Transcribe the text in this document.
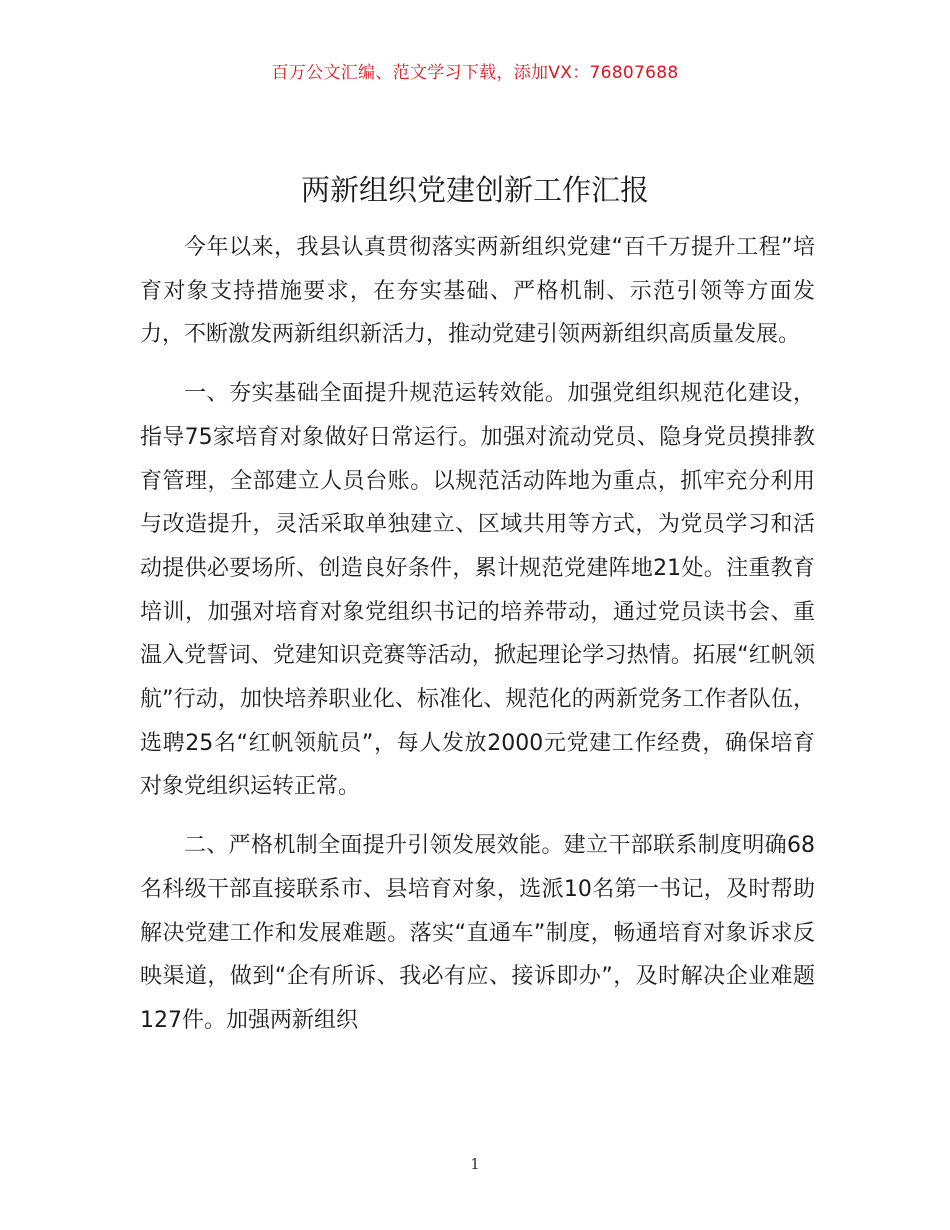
百万公文汇编、范文学习下载，添加VX：76807688
两新组织党建创新工作汇报

今年以来，我县认真贯彻落实两新组织党建“百千万提升工程”培育对象支持措施要求，在夯实基础、严格机制、示范引领等方面发力，不断激发两新组织新活力，推动党建引领两新组织高质量发展。

一、夯实基础全面提升规范运转效能。加强党组织规范化建设，指导75家培育对象做好日常运行。加强对流动党员、隐身党员摸排教育管理，全部建立人员台账。以规范活动阵地为重点，抓牢充分利用与改造提升，灵活采取单独建立、区域共用等方式，为党员学习和活动提供必要场所、创造良好条件，累计规范党建阵地21处。注重教育培训，加强对培育对象党组织书记的培养带动，通过党员读书会、重温入党誓词、党建知识竞赛等活动，掀起理论学习热情。拓展“红帆领航”行动，加快培养职业化、标准化、规范化的两新党务工作者队伍，选聘25名“红帆领航员”，每人发放2000元党建工作经费，确保培育对象党组织运转正常。

二、严格机制全面提升引领发展效能。建立干部联系制度明确68名科级干部直接联系市、县培育对象，选派10名第一书记，及时帮助解决党建工作和发展难题。落实“直通车”制度，畅通培育对象诉求反映渠道，做到“企有所诉、我必有应、接诉即办”，及时解决企业难题127件。加强两新组织

1
